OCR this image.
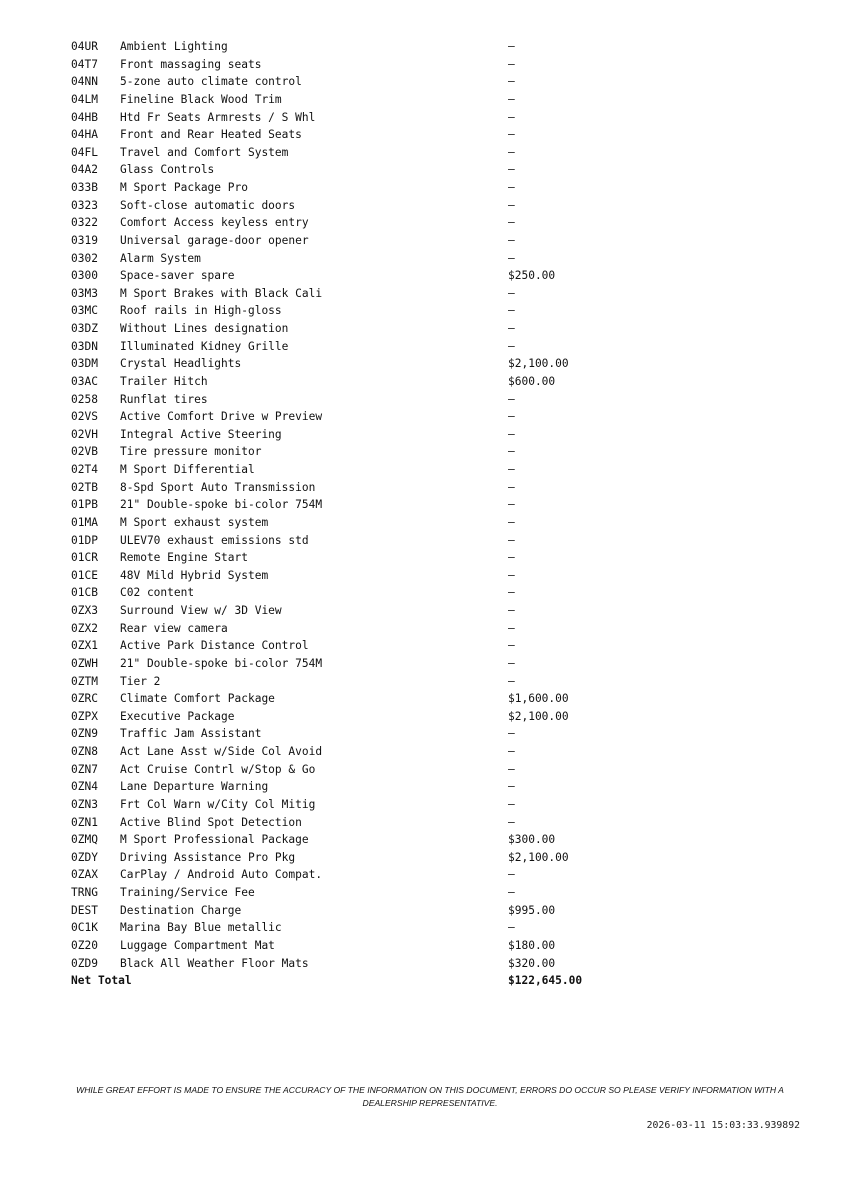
04UR Ambient Lighting	—
04T7 Front massaging seats	—
04NN 5-zone auto climate control	—
04LM Fineline Black Wood Trim	—
04HB Htd Fr Seats Armrests / S Whl	—
04HA Front and Rear Heated Seats	—
04FL Travel and Comfort System	—
04A2 Glass Controls	—
033B M Sport Package Pro	—
0323 Soft-close automatic doors	—
0322 Comfort Access keyless entry	—
0319 Universal garage-door opener	—
0302 Alarm System	—
0300 Space-saver spare	$250.00
03M3 M Sport Brakes with Black Cali	—
03MC Roof rails in High-gloss	—
03DZ Without Lines designation	—
03DN Illuminated Kidney Grille	—
03DM Crystal Headlights	$2,100.00
03AC Trailer Hitch	$600.00
0258 Runflat tires	—
02VS Active Comfort Drive w Preview	—
02VH Integral Active Steering	—
02VB Tire pressure monitor	—
02T4 M Sport Differential	—
02TB 8-Spd Sport Auto Transmission	—
01PB 21" Double-spoke bi-color 754M	—
01MA M Sport exhaust system	—
01DP ULEV70 exhaust emissions std	—
01CR Remote Engine Start	—
01CE 48V Mild Hybrid System	—
01CB C02 content	—
0ZX3 Surround View w/ 3D View	—
0ZX2 Rear view camera	—
0ZX1 Active Park Distance Control	—
0ZWH 21" Double-spoke bi-color 754M	—
0ZTM Tier 2	—
0ZRC Climate Comfort Package	$1,600.00
0ZPX Executive Package	$2,100.00
0ZN9 Traffic Jam Assistant	—
0ZN8 Act Lane Asst w/Side Col Avoid	—
0ZN7 Act Cruise Contrl w/Stop & Go	—
0ZN4 Lane Departure Warning	—
0ZN3 Frt Col Warn w/City Col Mitig	—
0ZN1 Active Blind Spot Detection	—
0ZMQ M Sport Professional Package	$300.00
0ZDY Driving Assistance Pro Pkg	$2,100.00
0ZAX CarPlay / Android Auto Compat.	—
TRNG Training/Service Fee	—
DEST Destination Charge	$995.00
0C1K Marina Bay Blue metallic	—
0Z20 Luggage Compartment Mat	$180.00
0ZD9 Black All Weather Floor Mats	$320.00
Net Total	$122,645.00
WHILE GREAT EFFORT IS MADE TO ENSURE THE ACCURACY OF THE INFORMATION ON THIS DOCUMENT, ERRORS DO OCCUR SO PLEASE VERIFY INFORMATION WITH A DEALERSHIP REPRESENTATIVE.
2026-03-11 15:03:33.939892
